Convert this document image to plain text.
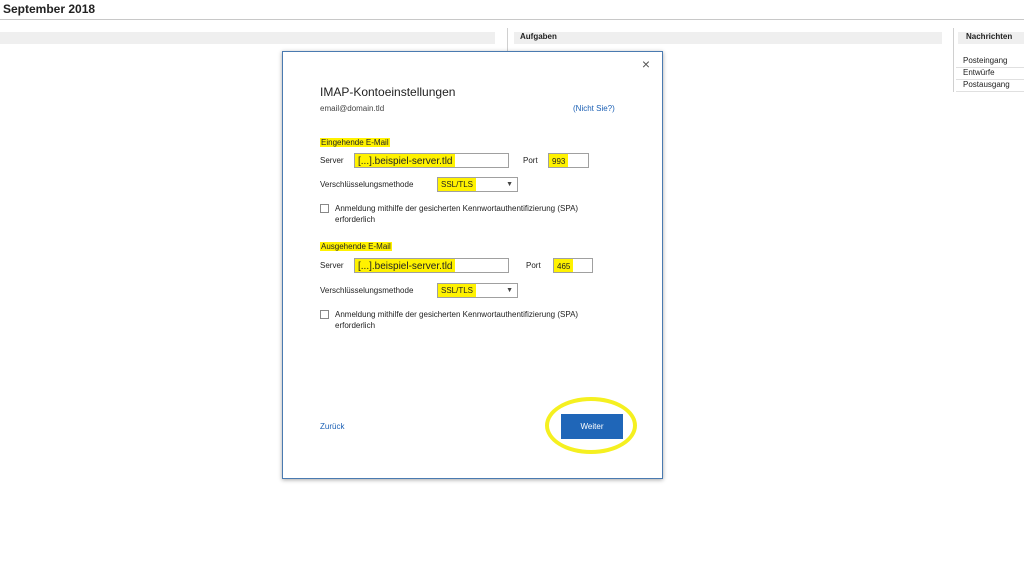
September 2018
Aufgaben	Nachrichten
Posteingang
Entwürfe
Postausgang
×
IMAP-Kontoeinstellungen
email@domain.tld	(Nicht Sie?)
Eingehende E-Mail
Server	[...].beispiel-server.tld	Port	993
Verschlüsselungsmethode	SSL/TLS	▼
Anmeldung mithilfe der gesicherten Kennwortauthentifizierung (SPA) erforderlich
Ausgehende E-Mail
Server	[...].beispiel-server.tld	Port	465
Verschlüsselungsmethode	SSL/TLS	▼
Anmeldung mithilfe der gesicherten Kennwortauthentifizierung (SPA) erforderlich
Zurück	Weiter
